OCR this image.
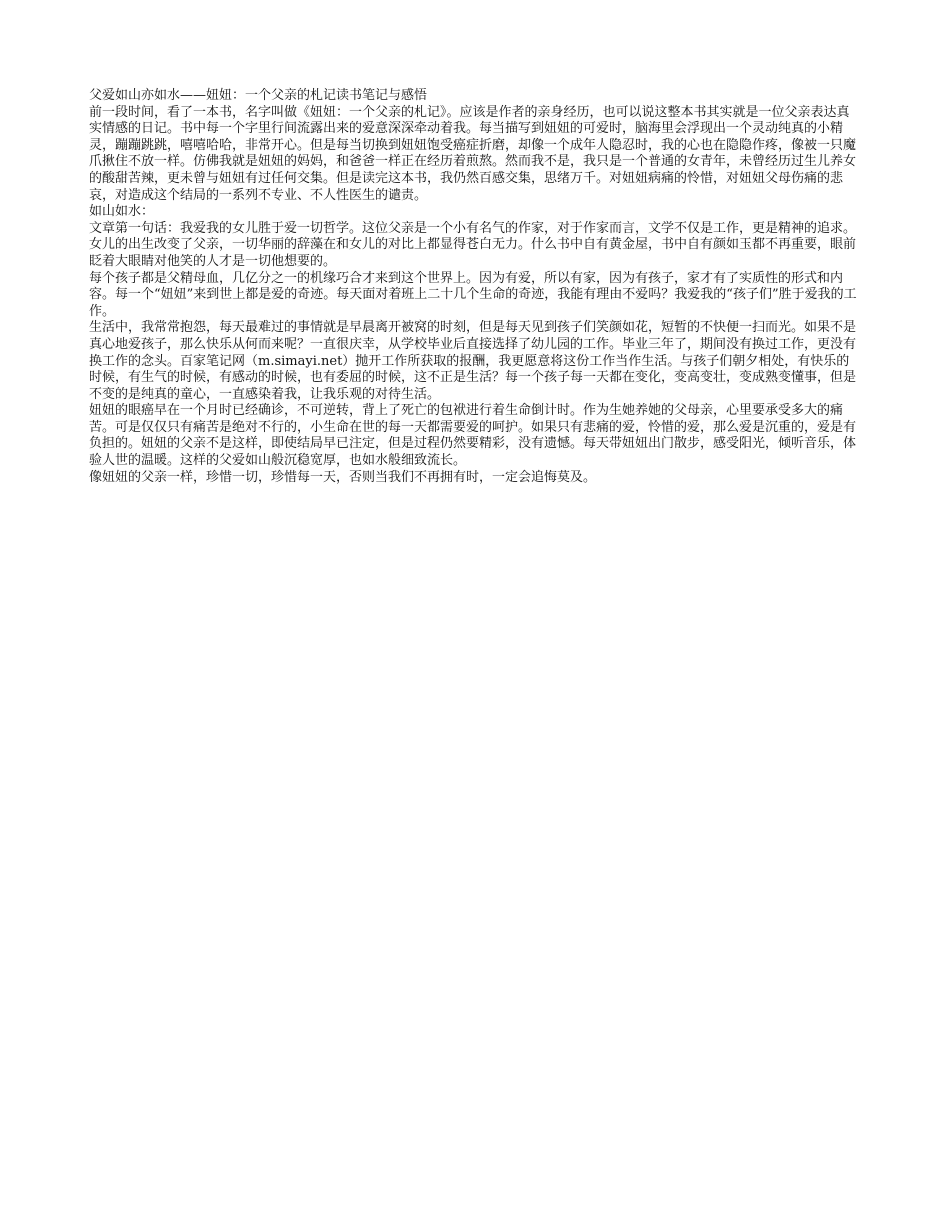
父爱如山亦如水——妞妞：一个父亲的札记读书笔记与感悟

前一段时间，看了一本书，名字叫做《妞妞：一个父亲的札记》。应该是作者的亲身经历，也可以说这整本书其实就是一位父亲表达真实情感的日记。书中每一个字里行间流露出来的爱意深深牵动着我。每当描写到妞妞的可爱时，脑海里会浮现出一个灵动纯真的小精灵，蹦蹦跳跳，嘻嘻哈哈，非常开心。但是每当切换到妞妞饱受癌症折磨，却像一个成年人隐忍时，我的心也在隐隐作疼，像被一只魔爪揪住不放一样。仿佛我就是妞妞的妈妈，和爸爸一样正在经历着煎熬。然而我不是，我只是一个普通的女青年，未曾经历过生儿养女的酸甜苦辣，更未曾与妞妞有过任何交集。但是读完这本书，我仍然百感交集，思绪万千。对妞妞病痛的怜惜，对妞妞父母伤痛的悲哀，对造成这个结局的一系列不专业、不人性医生的谴责。

如山如水：

文章第一句话：我爱我的女儿胜于爱一切哲学。这位父亲是一个小有名气的作家，对于作家而言，文学不仅是工作，更是精神的追求。女儿的出生改变了父亲，一切华丽的辞藻在和女儿的对比上都显得苍白无力。什么书中自有黄金屋，书中自有颜如玉都不再重要，眼前眨着大眼睛对他笑的人才是一切他想要的。

每个孩子都是父精母血，几亿分之一的机缘巧合才来到这个世界上。因为有爱，所以有家，因为有孩子，家才有了实质性的形式和内容。每一个“妞妞”来到世上都是爱的奇迹。每天面对着班上二十几个生命的奇迹，我能有理由不爱吗？我爱我的“孩子们”胜于爱我的工作。

生活中，我常常抱怨，每天最难过的事情就是早晨离开被窝的时刻，但是每天见到孩子们笑颜如花，短暂的不快便一扫而光。如果不是真心地爱孩子，那么快乐从何而来呢？一直很庆幸，从学校毕业后直接选择了幼儿园的工作。毕业三年了，期间没有换过工作，更没有换工作的念头。百家笔记网（m.simayi.net）抛开工作所获取的报酬，我更愿意将这份工作当作生活。与孩子们朝夕相处，有快乐的时候，有生气的时候，有感动的时候，也有委屈的时候，这不正是生活？每一个孩子每一天都在变化，变高变壮，变成熟变懂事，但是不变的是纯真的童心，一直感染着我，让我乐观的对待生活。

妞妞的眼癌早在一个月时已经确诊，不可逆转，背上了死亡的包袱进行着生命倒计时。作为生她养她的父母亲，心里要承受多大的痛苦。可是仅仅只有痛苦是绝对不行的，小生命在世的每一天都需要爱的呵护。如果只有悲痛的爱，怜惜的爱，那么爱是沉重的，爱是有负担的。妞妞的父亲不是这样，即使结局早已注定，但是过程仍然要精彩，没有遗憾。每天带妞妞出门散步，感受阳光，倾听音乐，体验人世的温暖。这样的父爱如山般沉稳宽厚，也如水般细致流长。

像妞妞的父亲一样，珍惜一切，珍惜每一天，否则当我们不再拥有时，一定会追悔莫及。
